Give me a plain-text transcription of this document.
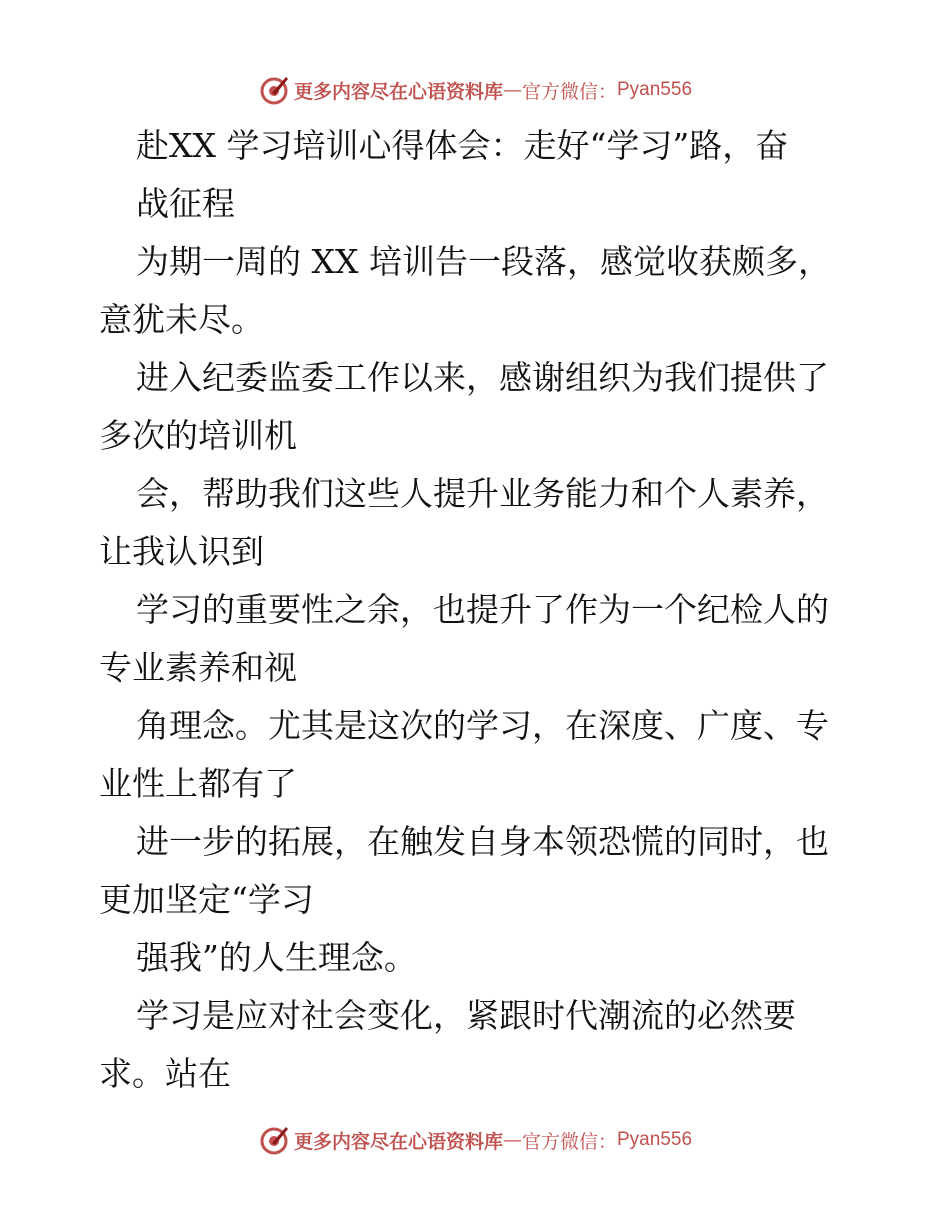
更多内容尽在心语资料库 — 官方微信： Pyan556
赴XX 学习培训心得体会：走好“学习”路，奋
战征程
为期一周的 XX 培训告一段落，感觉收获颇多，
意犹未尽。
进入纪委监委工作以来，感谢组织为我们提供了
多次的培训机
会，帮助我们这些人提升业务能力和个人素养，
让我认识到
学习的重要性之余，也提升了作为一个纪检人的
专业素养和视
角理念。尤其是这次的学习，在深度、广度、专
业性上都有了
进一步的拓展，在触发自身本领恐慌的同时，也
更加坚定“学习
强我”的人生理念。
学习是应对社会变化，紧跟时代潮流的必然要
求。站在
更多内容尽在心语资料库 — 官方微信： Pyan556
